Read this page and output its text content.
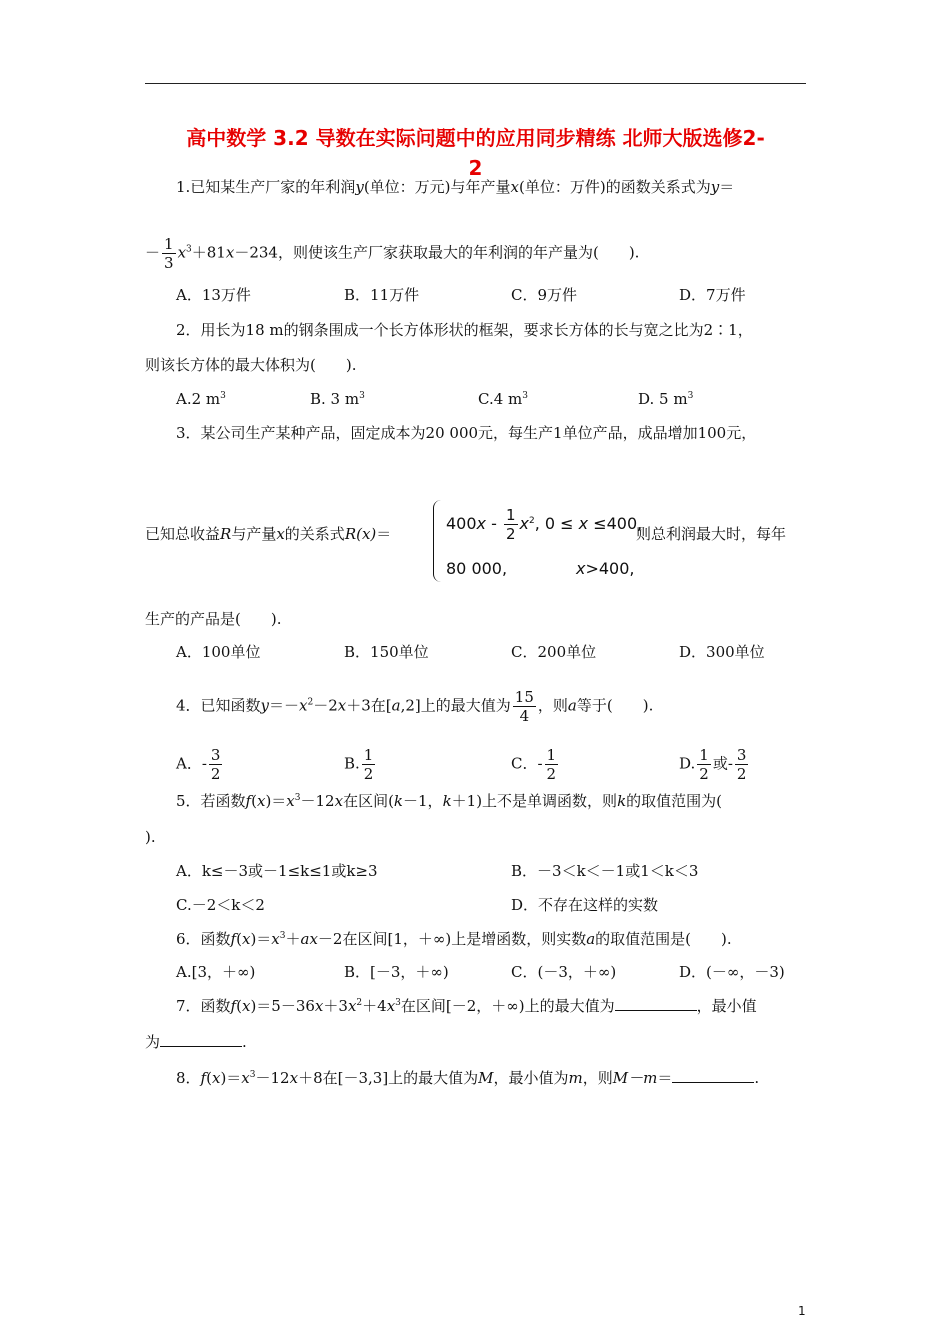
高中数学 3.2 导数在实际问题中的应用同步精练 北师大版选修2-
2
1.已知某生产厂家的年利润y(单位：万元)与年产量x(单位：万件)的函数关系式为y＝
－ $\frac{1}{3} x^3+81x-234$，则使该生产厂家获取最大的年利润的年产量为(　　).
A．13万件	B．11万件	C．9万件	D．7万件
2．用长为18 m的钢条围成一个长方体形状的框架，要求长方体的长与宽之比为2∶1，
则该长方体的最大体积为(　　).
A.2 $m^3$	B. 3 $m^3$	C.4 $m^3$	D. 5 $m^3$
3．某公司生产某种产品，固定成本为20 000元，每生产1单位产品，成品增加100元，
已知总收益R与产量x的关系式R(x)＝
$400x - \frac{1}{2} x^2$, 0 ≤ x ≤400,
80 000,	x>400,
则总利润最大时，每年
生产的产品是(　　).
A．100单位	B．150单位	C．200单位	D．300单位
4．已知函数$y=-x^2-2x+3$在[a,2]上的最大值为 $\frac{15}{4}$ ，则a等于(　　).
A．- $\frac{3}{2}$	B. $\frac{1}{2}$	C．- $\frac{1}{2}$	D. $\frac{1}{2}$ 或- $\frac{3}{2}$
5．若函数$f(x)=x^3-12x$在区间(k－1，k＋1)上不是单调函数，则k的取值范围为(
).
A．k≤－3或－1≤k≤1或k≥3	B．－3＜k＜－1或1＜k＜3
C.－2＜k＜2	D．不存在这样的实数
6．函数$f(x)=x^3+ax-2$在区间[1，＋∞)上是增函数，则实数a的取值范围是(　　).
A.[3，＋∞)	B．[－3，＋∞)	C．(－3，＋∞)	D．(－∞，－3)
7．函数$f(x)=5-36x+3x^2+4x^3$在区间[－2，＋∞)上的最大值为	，最小值
为	.
8．$f(x)=x^3-12x+8$在[－3,3]上的最大值为M，最小值为m，则M－m＝	.
1
